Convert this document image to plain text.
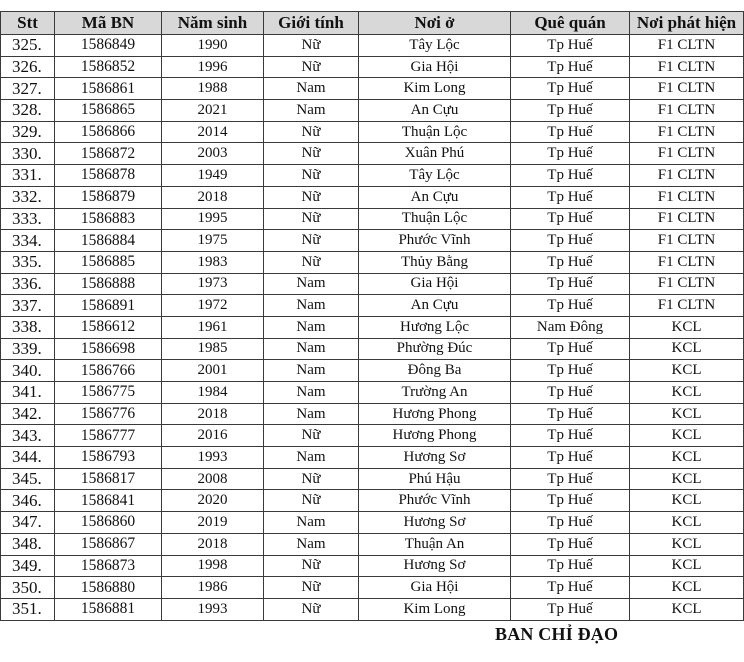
Stt	Mã BN	Năm sinh	Giới tính	Nơi ở	Quê quán	Nơi phát hiện
325.	1586849	1990	Nữ	Tây Lộc	Tp Huế	F1 CLTN
326.	1586852	1996	Nữ	Gia Hội	Tp Huế	F1 CLTN
327.	1586861	1988	Nam	Kim Long	Tp Huế	F1 CLTN
328.	1586865	2021	Nam	An Cựu	Tp Huế	F1 CLTN
329.	1586866	2014	Nữ	Thuận Lộc	Tp Huế	F1 CLTN
330.	1586872	2003	Nữ	Xuân Phú	Tp Huế	F1 CLTN
331.	1586878	1949	Nữ	Tây Lộc	Tp Huế	F1 CLTN
332.	1586879	2018	Nữ	An Cựu	Tp Huế	F1 CLTN
333.	1586883	1995	Nữ	Thuận Lộc	Tp Huế	F1 CLTN
334.	1586884	1975	Nữ	Phước Vĩnh	Tp Huế	F1 CLTN
335.	1586885	1983	Nữ	Thủy Bằng	Tp Huế	F1 CLTN
336.	1586888	1973	Nam	Gia Hội	Tp Huế	F1 CLTN
337.	1586891	1972	Nam	An Cựu	Tp Huế	F1 CLTN
338.	1586612	1961	Nam	Hương Lộc	Nam Đông	KCL
339.	1586698	1985	Nam	Phường Đúc	Tp Huế	KCL
340.	1586766	2001	Nam	Đông Ba	Tp Huế	KCL
341.	1586775	1984	Nam	Trường An	Tp Huế	KCL
342.	1586776	2018	Nam	Hương Phong	Tp Huế	KCL
343.	1586777	2016	Nữ	Hương Phong	Tp Huế	KCL
344.	1586793	1993	Nam	Hương Sơ	Tp Huế	KCL
345.	1586817	2008	Nữ	Phú Hậu	Tp Huế	KCL
346.	1586841	2020	Nữ	Phước Vĩnh	Tp Huế	KCL
347.	1586860	2019	Nam	Hương Sơ	Tp Huế	KCL
348.	1586867	2018	Nam	Thuận An	Tp Huế	KCL
349.	1586873	1998	Nữ	Hương Sơ	Tp Huế	KCL
350.	1586880	1986	Nữ	Gia Hội	Tp Huế	KCL
351.	1586881	1993	Nữ	Kim Long	Tp Huế	KCL
BAN CHỈ ĐẠO
